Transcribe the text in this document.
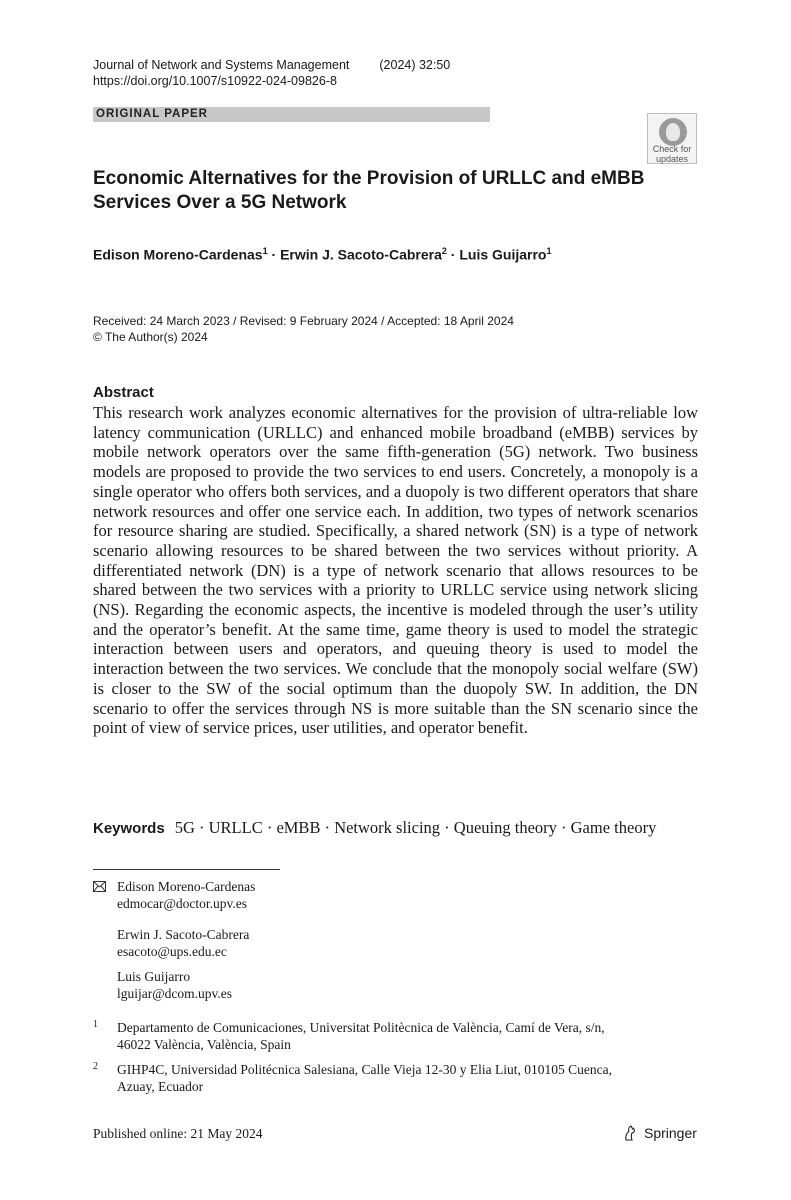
Journal of Network and Systems Management (2024) 32:50
https://doi.org/10.1007/s10922-024-09826-8
ORIGINAL PAPER
Check for
updates
Economic Alternatives for the Provision of URLLC and eMBB Services Over a 5G Network
Edison Moreno-Cardenas$^1$ · Erwin J. Sacoto-Cabrera$^2$ · Luis Guijarro$^1$
Received: 24 March 2023 / Revised: 9 February 2024 / Accepted: 18 April 2024
© The Author(s) 2024
Abstract
This research work analyzes economic alternatives for the provision of ultra-reliable low latency communication (URLLC) and enhanced mobile broadband (eMBB) services by mobile network operators over the same fifth-generation (5G) network. Two business models are proposed to provide the two services to end users. Concretely, a monopoly is a single operator who offers both services, and a duopoly is two different operators that share network resources and offer one service each. In addition, two types of network scenarios for resource sharing are studied. Specifically, a shared network (SN) is a type of network scenario allowing resources to be shared between the two services without priority. A differentiated network (DN) is a type of network scenario that allows resources to be shared between the two services with a priority to URLLC service using network slicing (NS). Regarding the economic aspects, the incentive is modeled through the user’s utility and the operator’s benefit. At the same time, game theory is used to model the strategic interaction between users and operators, and queuing theory is used to model the interaction between the two services. We conclude that the monopoly social welfare (SW) is closer to the SW of the social optimum than the duopoly SW. In addition, the DN scenario to offer the services through NS is more suitable than the SN scenario since the point of view of service prices, user utilities, and operator benefit.
Keywords 5G · URLLC · eMBB · Network slicing · Queuing theory · Game theory
Edison Moreno-Cardenas
edmocar@doctor.upv.es
Erwin J. Sacoto-Cabrera
esacoto@ups.edu.ec
Luis Guijarro
lguijar@dcom.upv.es
1 Departamento de Comunicaciones, Universitat Politècnica de València, Camí de Vera, s/n,
46022 València, València, Spain
2 GIHP4C, Universidad Politécnica Salesiana, Calle Vieja 12-30 y Elia Liut, 010105 Cuenca,
Azuay, Ecuador
Published online: 21 May 2024	Springer
